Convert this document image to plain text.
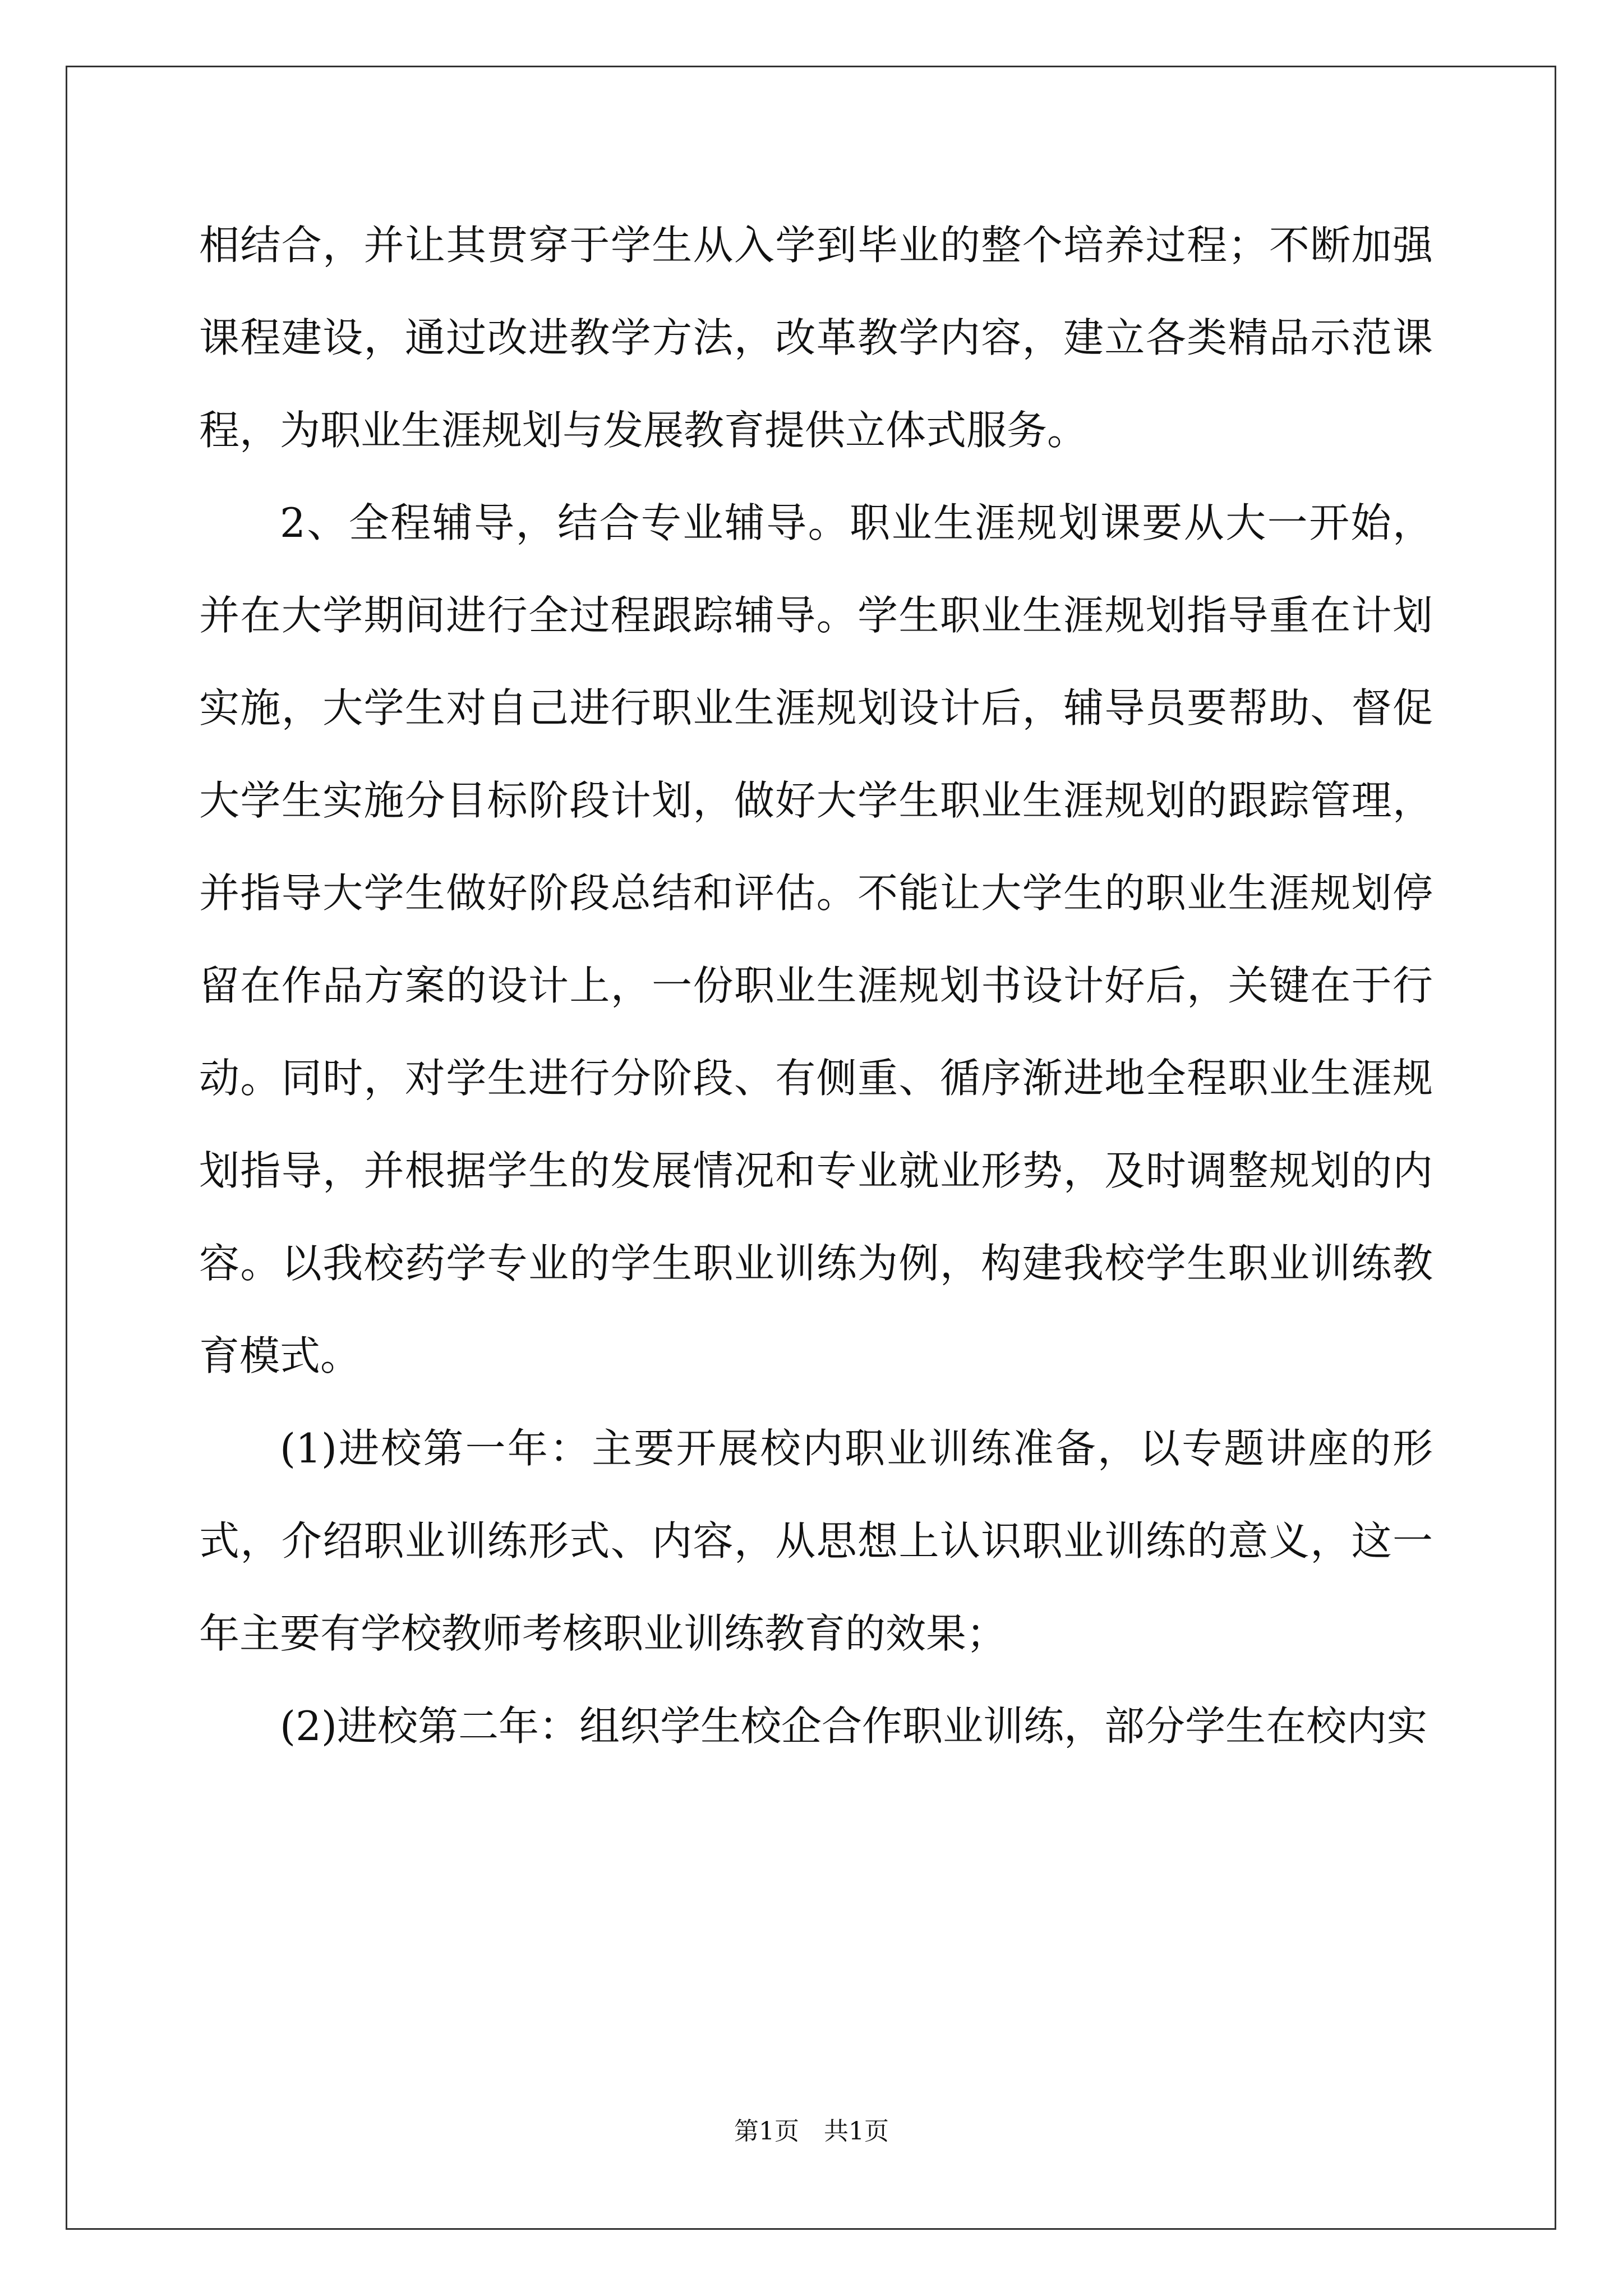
相结合，并让其贯穿于学生从入学到毕业的整个培养过程；不断加强课程建设，通过改进教学方法，改革教学内容，建立各类精品示范课程，为职业生涯规划与发展教育提供立体式服务。

2、全程辅导，结合专业辅导。职业生涯规划课要从大一开始，并在大学期间进行全过程跟踪辅导。学生职业生涯规划指导重在计划实施，大学生对自己进行职业生涯规划设计后，辅导员要帮助、督促大学生实施分目标阶段计划，做好大学生职业生涯规划的跟踪管理，并指导大学生做好阶段总结和评估。不能让大学生的职业生涯规划停留在作品方案的设计上，一份职业生涯规划书设计好后，关键在于行动。同时，对学生进行分阶段、有侧重、循序渐进地全程职业生涯规划指导，并根据学生的发展情况和专业就业形势，及时调整规划的内容。以我校药学专业的学生职业训练为例，构建我校学生职业训练教育模式。

(1)进校第一年：主要开展校内职业训练准备，以专题讲座的形式，介绍职业训练形式、内容，从思想上认识职业训练的意义，这一年主要有学校教师考核职业训练教育的效果；

(2)进校第二年：组织学生校企合作职业训练，部分学生在校内实

第1页　共1页
